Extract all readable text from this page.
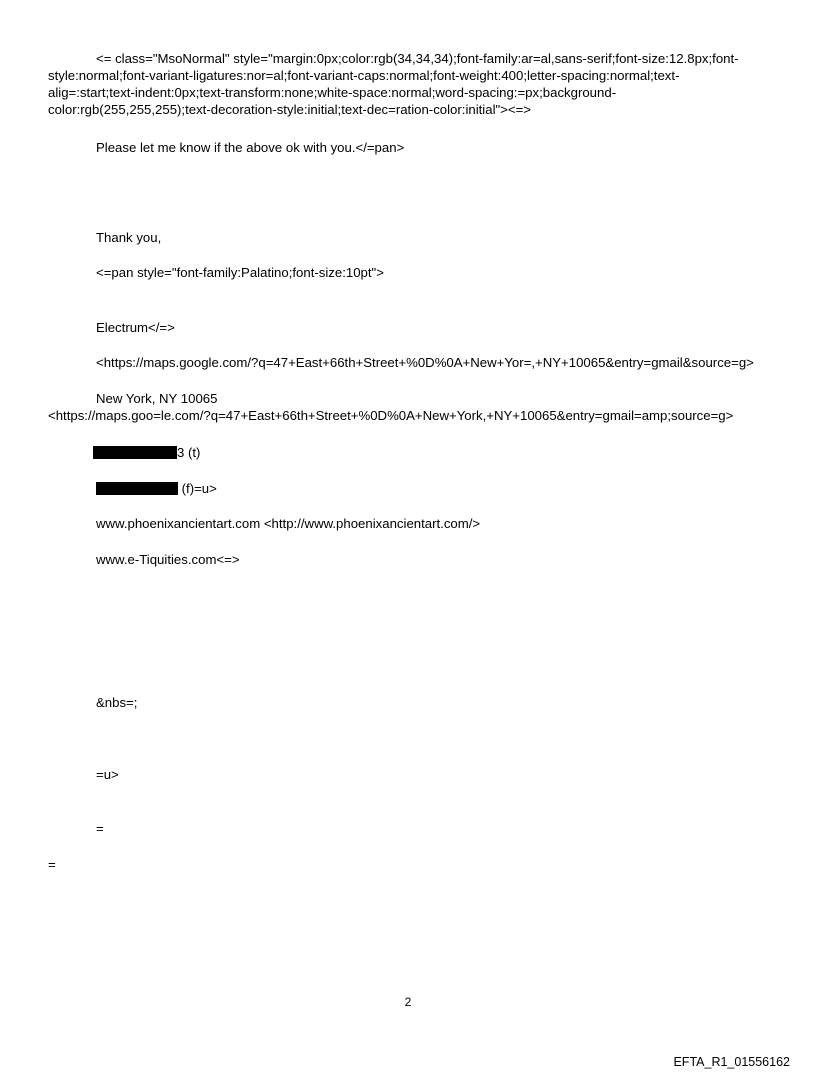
<= class="MsoNormal" style="margin:0px;color:rgb(34,34,34);font-family:ar=al,sans-serif;font-size:12.8px;font-
style:normal;font-variant-ligatures:nor=al;font-variant-caps:normal;font-weight:400;letter-spacing:normal;text-
alig=:start;text-indent:0px;text-transform:none;white-space:normal;word-spacing:=px;background-
color:rgb(255,255,255);text-decoration-style:initial;text-dec=ration-color:initial"><=>
Please let me know if the above ok with you.</=pan>
Thank you,
<=pan style="font-family:Palatino;font-size:10pt">
Electrum</=>
<https://maps.google.com/?q=47+East+66th+Street+%0D%0A+New+Yor=,+NY+10065&entry=gmail&source=g>
New York, NY 10065
<https://maps.goo=le.com/?q=47+East+66th+Street+%0D%0A+New+York,+NY+10065&entry=gmail=amp;source=g>
3 (t)
(f)=u>
www.phoenixancientart.com <http://www.phoenixancientart.com/>
www.e-Tiquities.com<=>
&nbs=;
=u>
=
=
2
EFTA_R1_01556162
